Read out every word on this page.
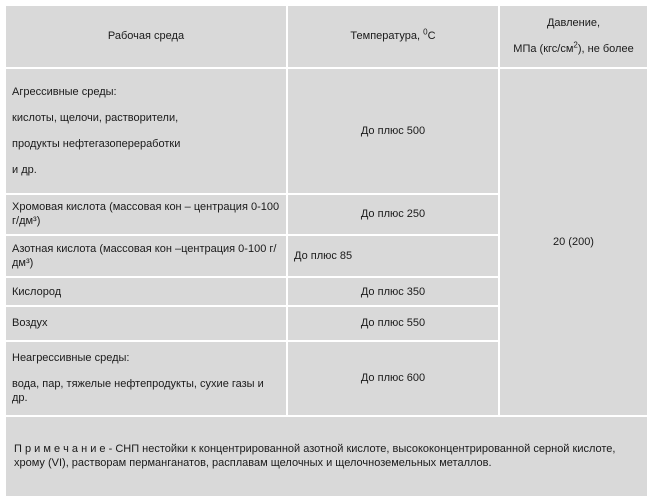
Рабочая среда	Температура, $^0$С	Давление,
МПа $(кгс/см^2)$, не более
Агрессивные среды:
кислоты, щелочи, растворители,
продукты нефтегазопереработки
и др.	До плюс 500	20 (200)
Хромовая кислота (массовая кон – центрация 0-100 г/дм³)	До плюс 250	
Азотная кислота (массовая кон –центрация 0-100 г/дм³)	До плюс 85	
Кислород	До плюс 350	
Воздух	До плюс 550	
Неагрессивные среды:
вода, пар, тяжелые нефтепродукты, сухие газы и др.	До плюс 600	
П р и м е ч а н и е - СНП нестойки к концентрированной азотной кислоте, высококонцентрированной серной кислоте, хрому (VI), растворам перманганатов, расплавам щелочных и щелочноземельных металлов.		
